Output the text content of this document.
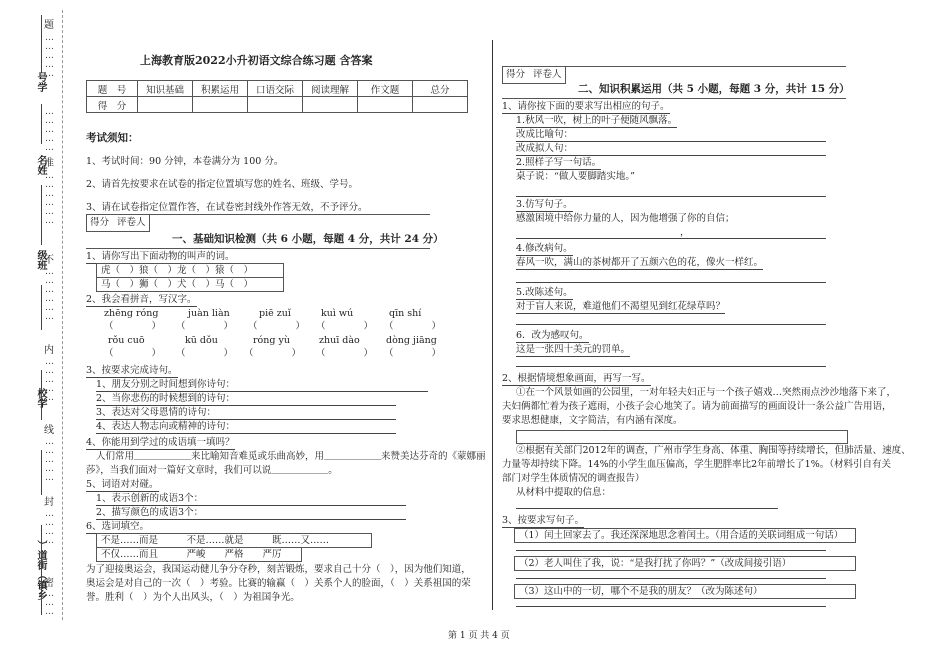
题
…
…
…
…
…
号学
…
…
…
…
…
准
名姓
…
…
…
…
…
…
级班
不
…
…
…
…
…
…
内
…
…
…
…
…
校学
线
…
…
…
…
…
封
…
…
…
…
）道街（镇乡
密
…
…
…
上海教育版2022小升初语文综合练习题 含答案
题　号	知识基础	积累运用	口语交际	阅读理解	作文题	总分
得　分						
考试须知：
1、考试时间：90 分钟，本卷满分为 100 分。
2、请首先按要求在试卷的指定位置填写您的姓名、班级、学号。
3、请在试卷指定位置作答，在试卷密封线外作答无效，不予评分。
得分 评卷人
一、基础知识检测（共 6 小题，每题 4 分，共计 24 分）
1、请你写出下面动物的叫声的词。
虎（　）狼（　）龙（　）猿（　）
马（　）狮（　）犬（　）马（　）
2、我会看拼音，写汉字。
zhēng róng	juàn liàn	piē zuǐ	kuì wú	qīn shí
（　　　　） （　　　　） （　　　　） （　　　　） （　　　　）
rǒu cuō	kū dǒu	róng yù	zhuī dào	dòng jiāng
（　　　　） （　　　　） （　　　　） （　　　　） （　　　　）
3、按要求完成诗句。
1、朋友分别之时间想到你诗句：
2、当你悲伤的时候想到的诗句：
3、表达对父母恩情的诗句：
4、表达人物志向或精神的诗句：
4、你能用到学过的成语填一填吗？
人们常用＿＿＿＿＿＿来比喻知音难觅或乐曲高妙，用＿＿＿＿＿＿来赞美达芬奇的《蒙娜丽
莎》，当我们面对一篇好文章时，我们可以说＿＿＿＿＿＿。
5、词语对对碰。
1、表示创新的成语3个：
2、描写颜色的成语3个：
6、选词填空。
不是……而是　　　不是……就是　　　既……又……
不仅……而且　　　严峻　　严格　　严厉
为了迎接奥运会，我国运动健儿争分夺秒，刻苦锻炼，要求自己十分（　），因为他们知道，
奥运会是对自己的一次（　）考验。比赛的输赢（　）关系个人的脸面，（　）关系祖国的荣
誉。胜利（　）为个人出风头，（　）为祖国争光。
得分 评卷人
二、知识积累运用（共 5 小题，每题 3 分，共计 15 分）
1、请你按下面的要求写出相应的句子。
1.秋风一吹，树上的叶子便随风飘落。
改成比喻句：
改成拟人句：
2.照样子写一句话。
桌子说：“做人要脚踏实地。”
3.仿写句子。
感激困境中给你力量的人，因为他增强了你的自信；
，
4.修改病句。
春风一吹，满山的茶树都开了五颜六色的花，像火一样红。
5.改陈述句。
对于盲人来说，难道他们不渴望见到红花绿草吗？
6．改为感叹句。
这是一张四十美元的罚单。
2、根据情境想象画面，再写一写。
①在一个风景如画的公园里，一对年轻夫妇正与一个孩子嬉戏…突然雨点沙沙地落下来了，
夫妇俩都忙着为孩子遮雨，小孩子会心地笑了。请为前面描写的画面设计一条公益广告用语，
要求思想健康，文字简洁，有内涵有深度。
②根据有关部门2012年的调查，广州市学生身高、体重、胸围等持续增长，但肺活量、速度、
力量等却持续下降。14%的小学生血压偏高，学生肥胖率比2年前增长了1%。（材料引自有关
部门对学生体质情况的调查报告）
从材料中提取的信息：
3、按要求写句子。
（1）闰土回家去了。我还深深地思念着闰土。（用合适的关联词组成一句话）
（2）老人叫住了我，说：“是我打扰了你吗？”（改成间接引语）
（3）这山中的一切，哪个不是我的朋友？（改为陈述句）
第 1 页 共 4 页
